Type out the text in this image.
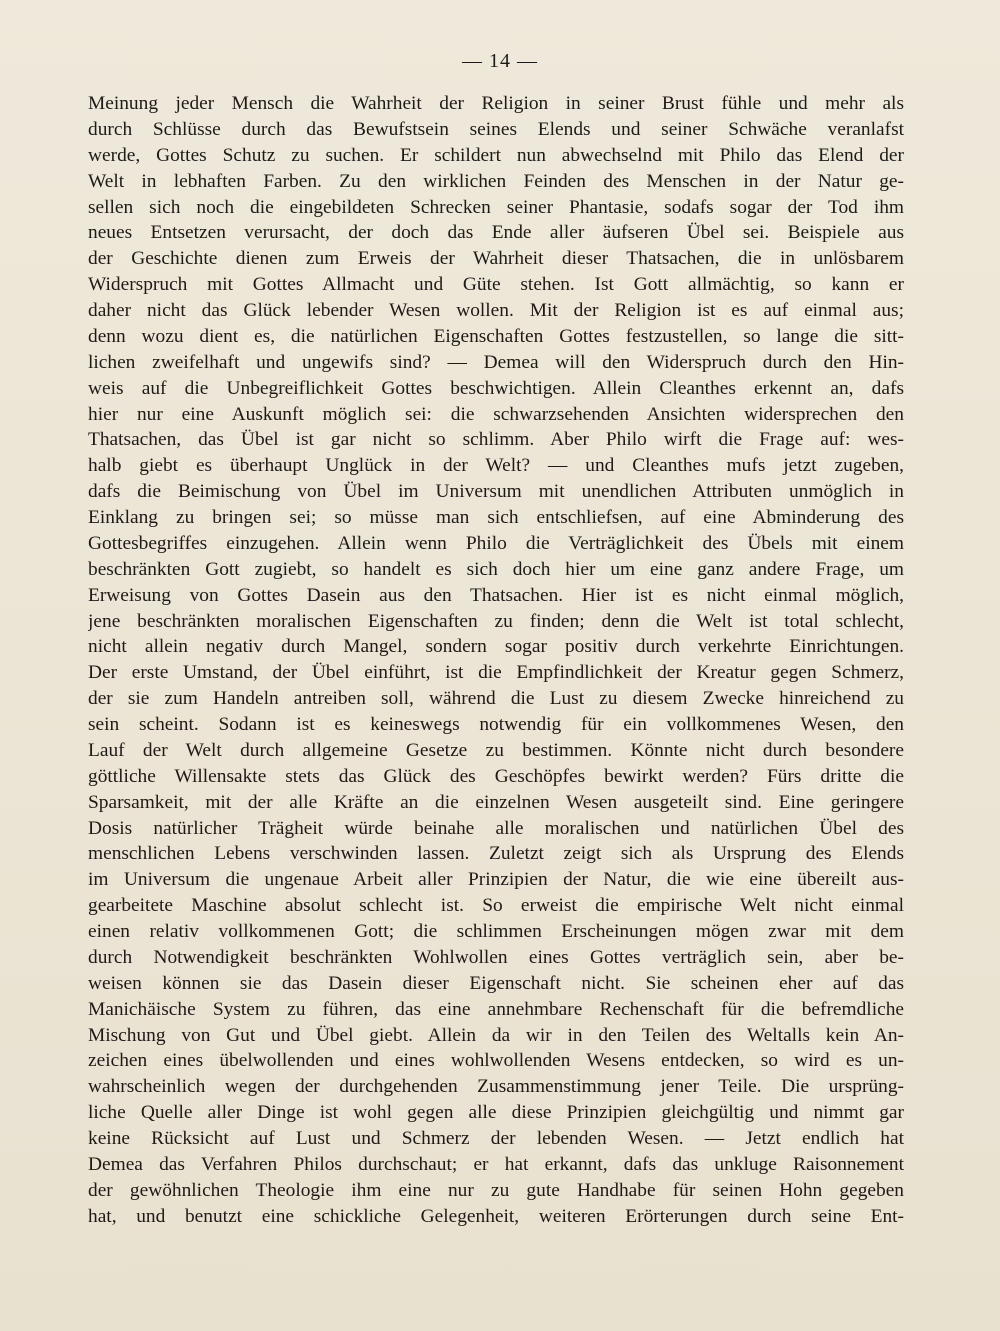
— 14 —
Meinung jeder Mensch die Wahrheit der Religion in seiner Brust fühle und mehr als
durch Schlüsse durch das Bewufstsein seines Elends und seiner Schwäche veranlafst
werde, Gottes Schutz zu suchen. Er schildert nun abwechselnd mit Philo das Elend der
Welt in lebhaften Farben. Zu den wirklichen Feinden des Menschen in der Natur ge-
sellen sich noch die eingebildeten Schrecken seiner Phantasie, sodafs sogar der Tod ihm
neues Entsetzen verursacht, der doch das Ende aller äufseren Übel sei. Beispiele aus
der Geschichte dienen zum Erweis der Wahrheit dieser Thatsachen, die in unlösbarem
Widerspruch mit Gottes Allmacht und Güte stehen. Ist Gott allmächtig, so kann er
daher nicht das Glück lebender Wesen wollen. Mit der Religion ist es auf einmal aus;
denn wozu dient es, die natürlichen Eigenschaften Gottes festzustellen, so lange die sitt-
lichen zweifelhaft und ungewifs sind? — Demea will den Widerspruch durch den Hin-
weis auf die Unbegreiflichkeit Gottes beschwichtigen. Allein Cleanthes erkennt an, dafs
hier nur eine Auskunft möglich sei: die schwarzsehenden Ansichten widersprechen den
Thatsachen, das Übel ist gar nicht so schlimm. Aber Philo wirft die Frage auf: wes-
halb giebt es überhaupt Unglück in der Welt? — und Cleanthes mufs jetzt zugeben,
dafs die Beimischung von Übel im Universum mit unendlichen Attributen unmöglich in
Einklang zu bringen sei; so müsse man sich entschliefsen, auf eine Abminderung des
Gottesbegriffes einzugehen. Allein wenn Philo die Verträglichkeit des Übels mit einem
beschränkten Gott zugiebt, so handelt es sich doch hier um eine ganz andere Frage, um
Erweisung von Gottes Dasein aus den Thatsachen. Hier ist es nicht einmal möglich,
jene beschränkten moralischen Eigenschaften zu finden; denn die Welt ist total schlecht,
nicht allein negativ durch Mangel, sondern sogar positiv durch verkehrte Einrichtungen.
Der erste Umstand, der Übel einführt, ist die Empfindlichkeit der Kreatur gegen Schmerz,
der sie zum Handeln antreiben soll, während die Lust zu diesem Zwecke hinreichend zu
sein scheint. Sodann ist es keineswegs notwendig für ein vollkommenes Wesen, den
Lauf der Welt durch allgemeine Gesetze zu bestimmen. Könnte nicht durch besondere
göttliche Willensakte stets das Glück des Geschöpfes bewirkt werden? Fürs dritte die
Sparsamkeit, mit der alle Kräfte an die einzelnen Wesen ausgeteilt sind. Eine geringere
Dosis natürlicher Trägheit würde beinahe alle moralischen und natürlichen Übel des
menschlichen Lebens verschwinden lassen. Zuletzt zeigt sich als Ursprung des Elends
im Universum die ungenaue Arbeit aller Prinzipien der Natur, die wie eine übereilt aus-
gearbeitete Maschine absolut schlecht ist. So erweist die empirische Welt nicht einmal
einen relativ vollkommenen Gott; die schlimmen Erscheinungen mögen zwar mit dem
durch Notwendigkeit beschränkten Wohlwollen eines Gottes verträglich sein, aber be-
weisen können sie das Dasein dieser Eigenschaft nicht. Sie scheinen eher auf das
Manichäische System zu führen, das eine annehmbare Rechenschaft für die befremdliche
Mischung von Gut und Übel giebt. Allein da wir in den Teilen des Weltalls kein An-
zeichen eines übelwollenden und eines wohlwollenden Wesens entdecken, so wird es un-
wahrscheinlich wegen der durchgehenden Zusammenstimmung jener Teile. Die ursprüng-
liche Quelle aller Dinge ist wohl gegen alle diese Prinzipien gleichgültig und nimmt gar
keine Rücksicht auf Lust und Schmerz der lebenden Wesen. — Jetzt endlich hat
Demea das Verfahren Philos durchschaut; er hat erkannt, dafs das unkluge Raisonnement
der gewöhnlichen Theologie ihm eine nur zu gute Handhabe für seinen Hohn gegeben
hat, und benutzt eine schickliche Gelegenheit, weiteren Erörterungen durch seine Ent-
